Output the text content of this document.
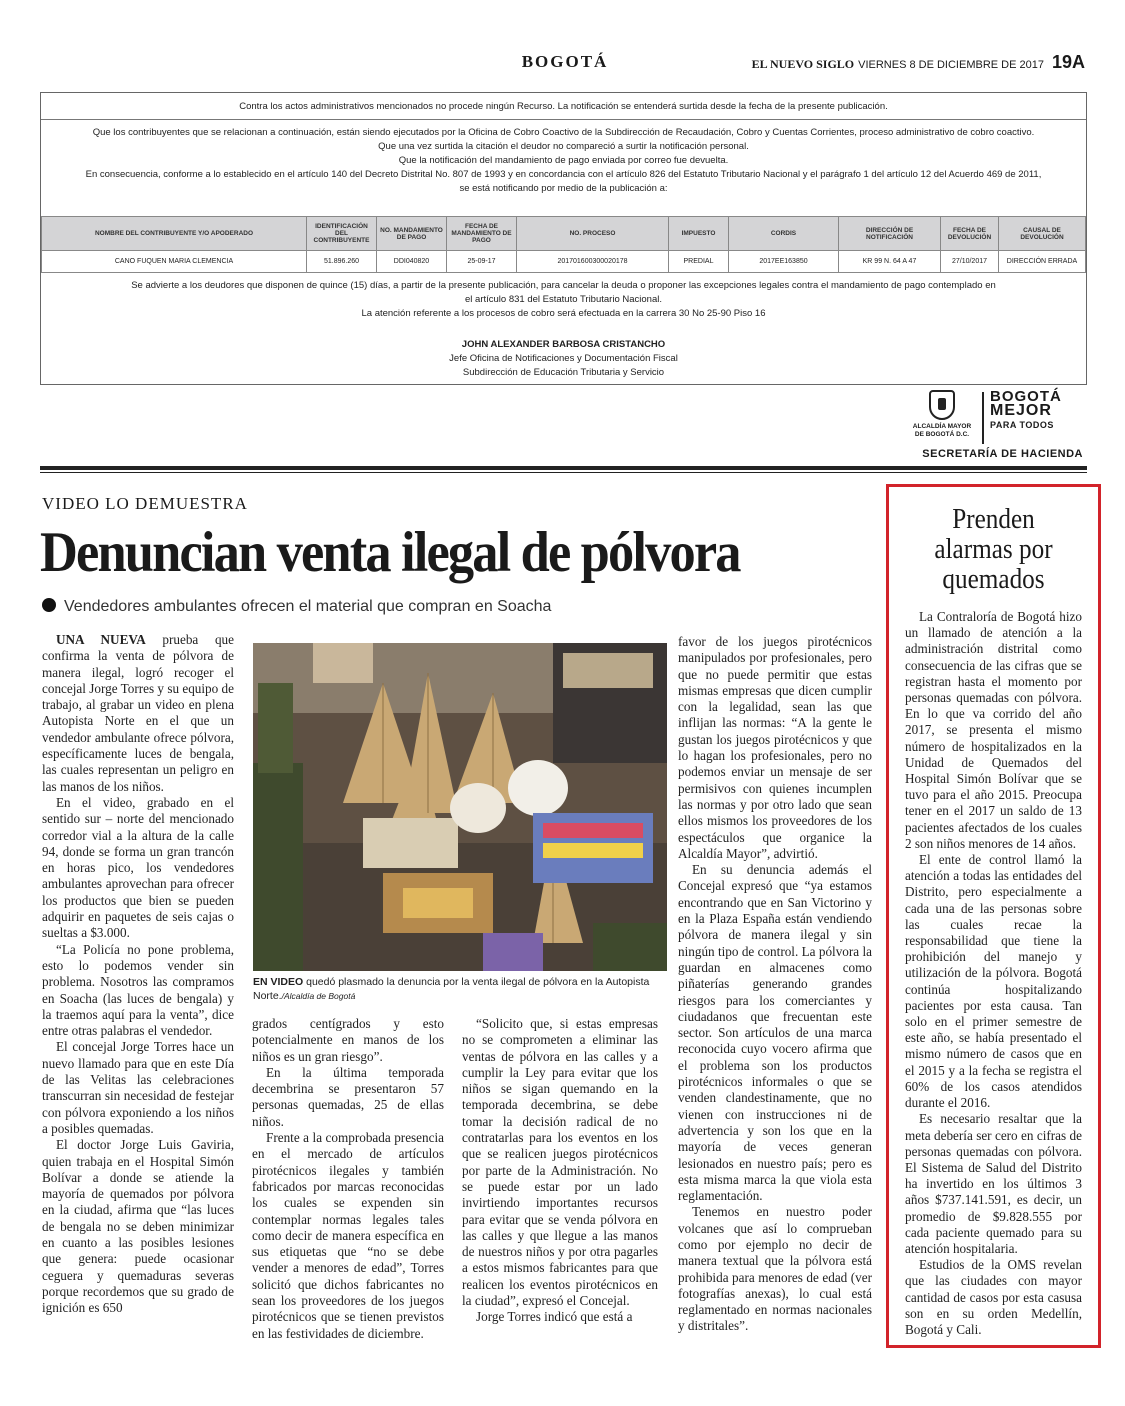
BOGOTÁ	EL NUEVO SIGLO VIERNES 8 DE DICIEMBRE DE 2017 19A
Contra los actos administrativos mencionados no procede ningún Recurso. La notificación se entenderá surtida desde la fecha de la presente publicación.
Que los contribuyentes que se relacionan a continuación, están siendo ejecutados por la Oficina de Cobro Coactivo de la Subdirección de Recaudación, Cobro y Cuentas Corrientes, proceso administrativo de cobro coactivo.
Que una vez surtida la citación el deudor no compareció a surtir la notificación personal.
Que la notificación del mandamiento de pago enviada por correo fue devuelta.
En consecuencia, conforme a lo establecido en el artículo 140 del Decreto Distrital No. 807 de 1993 y en concordancia con el artículo 826 del Estatuto Tributario Nacional y el parágrafo 1 del artículo 12 del Acuerdo 469 de 2011,
se está notificando por medio de la publicación a:
NOMBRE DEL CONTRIBUYENTE Y/O APODERADO	IDENTIFICACIÓN DEL CONTRIBUYENTE	NO. MANDAMIENTO DE PAGO	FECHA DE MANDAMIENTO DE PAGO	NO. PROCESO	IMPUESTO	CORDIS	DIRECCIÓN DE NOTIFICACIÓN	FECHA DE DEVOLUCIÓN	CAUSAL DE DEVOLUCIÓN
CANO FUQUEN MARIA CLEMENCIA	51.896.260	DDI040820	25-09-17	201701600300020178	PREDIAL	2017EE163850	KR 99 N. 64 A 47	27/10/2017	DIRECCIÓN ERRADA
Se advierte a los deudores que disponen de quince (15) días, a partir de la presente publicación, para cancelar la deuda o proponer las excepciones legales contra el mandamiento de pago contemplado en
el artículo 831 del Estatuto Tributario Nacional.
La atención referente a los procesos de cobro será efectuada en la carrera 30 No 25-90 Piso 16
JOHN ALEXANDER BARBOSA CRISTANCHO
Jefe Oficina de Notificaciones y Documentación Fiscal
Subdirección de Educación Tributaria y Servicio
ALCALDÍA MAYOR DE BOGOTÁ D.C.
BOGOTÁ
MEJOR
PARA TODOS
SECRETARÍA DE HACIENDA
VIDEO LO DEMUESTRA
Denuncian venta ilegal de pólvora
Vendedores ambulantes ofrecen el material que compran en Soacha

UNA NUEVA prueba que confirma la venta de pólvora de manera ilegal, logró recoger el concejal Jorge Torres y su equipo de trabajo, al grabar un video en plena Autopista Norte en el que un vendedor ambulante ofrece pólvora, específicamente luces de bengala, las cuales representan un peligro en las manos de los niños.

En el video, grabado en el sentido sur – norte del mencionado corredor vial a la altura de la calle 94, donde se forma un gran trancón en horas pico, los vendedores ambulantes aprovechan para ofrecer los productos que bien se pueden adquirir en paquetes de seis cajas o sueltas a $3.000.

“La Policía no pone problema, esto lo podemos vender sin problema. Nosotros las compramos en Soacha (las luces de bengala) y la traemos aquí para la venta”, dice entre otras palabras el vendedor.

El concejal Jorge Torres hace un nuevo llamado para que en este Día de las Velitas las celebraciones transcurran sin necesidad de festejar con pólvora exponiendo a los niños a posibles quemadas.

El doctor Jorge Luis Gaviria, quien trabaja en el Hospital Simón Bolívar a donde se atiende la mayoría de quemados por pólvora en la ciudad, afirma que “las luces de bengala no se deben minimizar en cuanto a las posibles lesiones que genera: puede ocasionar ceguera y quemaduras severas porque recordemos que su grado de ignición es 650

EN VIDEO quedó plasmado la denuncia por la venta ilegal de pólvora en la Autopista Norte./Alcaldía de Bogotá

grados centígrados y esto potencialmente en manos de los niños es un gran riesgo”.

En la última temporada decembrina se presentaron 57 personas quemadas, 25 de ellas niños.

Frente a la comprobada presencia en el mercado de artículos pirotécnicos ilegales y también fabricados por marcas reconocidas los cuales se expenden sin contemplar normas legales tales como decir de manera específica en sus etiquetas que “no se debe vender a menores de edad”, Torres solicitó que dichos fabricantes no sean los proveedores de los juegos pirotécnicos que se tienen previstos en las festividades de diciembre.

“Solicito que, si estas empresas no se comprometen a eliminar las ventas de pólvora en las calles y a cumplir la Ley para evitar que los niños se sigan quemando en la temporada decembrina, se debe tomar la decisión radical de no contratarlas para los eventos en los que se realicen juegos pirotécnicos por parte de la Administración. No se puede estar por un lado invirtiendo importantes recursos para evitar que se venda pólvora en las calles y que llegue a las manos de nuestros niños y por otra pagarles a estos mismos fabricantes para que realicen los eventos pirotécnicos en la ciudad”, expresó el Concejal.

Jorge Torres indicó que está a

favor de los juegos pirotécnicos manipulados por profesionales, pero que no puede permitir que estas mismas empresas que dicen cumplir con la legalidad, sean las que inflijan las normas: “A la gente le gustan los juegos pirotécnicos y que lo hagan los profesionales, pero no podemos enviar un mensaje de ser permisivos con quienes incumplen las normas y por otro lado que sean ellos mismos los proveedores de los espectáculos que organice la Alcaldía Mayor”, advirtió.

En su denuncia además el Concejal expresó que “ya estamos encontrando que en San Victorino y en la Plaza España están vendiendo pólvora de manera ilegal y sin ningún tipo de control. La pólvora la guardan en almacenes como piñaterías generando grandes riesgos para los comerciantes y ciudadanos que frecuentan este sector. Son artículos de una marca reconocida cuyo vocero afirma que el problema son los productos pirotécnicos informales o que se venden clandestinamente, que no vienen con instrucciones ni de advertencia y son los que en la mayoría de veces generan lesionados en nuestro país; pero es esta misma marca la que viola esta reglamentación.

Tenemos en nuestro poder volcanes que así lo comprueban como por ejemplo no decir de manera textual que la pólvora está prohibida para menores de edad (ver fotografías anexas), lo cual está reglamentado en normas nacionales y distritales”.

Prenden alarmas por quemados

La Contraloría de Bogotá hizo un llamado de atención a la administración distrital como consecuencia de las cifras que se registran hasta el momento por personas quemadas con pólvora. En lo que va corrido del año 2017, se presenta el mismo número de hospitalizados en la Unidad de Quemados del Hospital Simón Bolívar que se tuvo para el año 2015. Preocupa tener en el 2017 un saldo de 13 pacientes afectados de los cuales 2 son niños menores de 14 años.

El ente de control llamó la atención a todas las entidades del Distrito, pero especialmente a cada una de las personas sobre las cuales recae la responsabilidad que tiene la prohibición del manejo y utilización de la pólvora. Bogotá continúa hospitalizando pacientes por esta causa. Tan solo en el primer semestre de este año, se había presentado el mismo número de casos que en el 2015 y a la fecha se registra el 60% de los casos atendidos durante el 2016.

Es necesario resaltar que la meta debería ser cero en cifras de personas quemadas con pólvora. El Sistema de Salud del Distrito ha invertido en los últimos 3 años $737.141.591, es decir, un promedio de $9.828.555 por cada paciente quemado para su atención hospitalaria.

Estudios de la OMS revelan que las ciudades con mayor cantidad de casos por esta casusa son en su orden Medellín, Bogotá y Cali.
